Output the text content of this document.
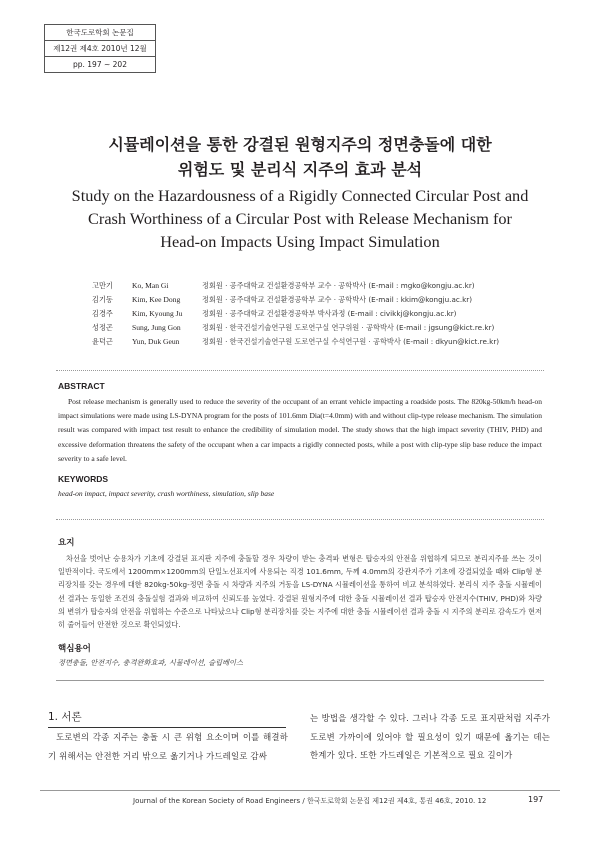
한국도로학회 논문집
제12권 제4호 2010년 12월
pp. 197 ~ 202
시뮬레이션을 통한 강결된 원형지주의 정면충돌에 대한
위험도 및 분리식 지주의 효과 분석
Study on the Hazardousness of a Rigidly Connected Circular Post and
Crash Worthiness of a Circular Post with Release Mechanism for
Head-on Impacts Using Impact Simulation
고만기	Ko, Man Gi	정회원 · 공주대학교 건설환경공학부 교수 · 공학박사 (E-mail : mgko@kongju.ac.kr)
김기동	Kim, Kee Dong	정회원 · 공주대학교 건설환경공학부 교수 · 공학박사 (E-mail : kkim@kongju.ac.kr)
김경주	Kim, Kyoung Ju	정회원 · 공주대학교 건설환경공학부 박사과정 (E-mail : civikkj@kongju.ac.kr)
성정곤	Sung, Jung Gon	정회원 · 한국건설기술연구원 도로연구실 연구위원 · 공학박사 (E-mail : jgsung@kict.re.kr)
윤덕근	Yun, Duk Geun	정회원 · 한국건설기술연구원 도로연구실 수석연구원 · 공학박사 (E-mail : dkyun@kict.re.kr)
ABSTRACT
Post release mechanism is generally used to reduce the severity of the occupant of an errant vehicle impacting a roadside posts. The 820kg-50km/h head-on impact simulations were made using LS-DYNA program for the posts of 101.6mm Dia(t=4.0mm) with and without clip-type release mechanism. The simulation result was compared with impact test result to enhance the credibility of simulation model. The study shows that the high impact severity (THIV, PHD) and excessive deformation threatens the safety of the occupant when a car impacts a rigidly connected posts, while a post with clip-type slip base reduce the impact severity to a safe level.
KEYWORDS
head-on impact, impact severity, crash worthiness, simulation, slip base
요지
차선을 벗어난 승용차가 기초에 강결된 표지판 지주에 충돌할 경우 차량이 받는 충격파 변형은 탑승자의 안전을 위협하게 되므로 분리지주를 쓰는 것이 일반적이다. 국도에서 1200mm×1200mm의 단일노선표지에 사용되는 직경 101.6mm, 두께 4.0mm의 강관지주가 기초에 강결되었을 때와 Clip형 분리장치를 갖는 경우에 대한 820kg-50kg-정면 충돌 시 차량과 지주의 거동을 LS-DYNA 시뮬레이션을 통하여 비교 분석하였다. 분리식 지주 충돌 시뮬레이션 결과는 동일한 조건의 충돌실험 결과와 비교하여 신뢰도를 높였다. 강결된 원형지주에 대한 충돌 시뮬레이션 결과 탑승자 안전지수(THIV, PHD)와 차량의 변위가 탑승자의 안전을 위협하는 수준으로 나타났으나 Clip형 분리장치를 갖는 지주에 대한 충돌 시뮬레이션 결과 충돌 시 지주의 분리로 감속도가 현저히 줄어들어 안전한 것으로 확인되었다.
핵심용어
정면충돌, 안전지수, 충격완화효과, 시뮬레이션, 슬립베이스
1. 서론
도로변의 각종 지주는 충돌 시 큰 위험 요소이며 이를 해결하기 위해서는 안전한 거리 밖으로 옮기거나 가드레일로 감싸
는 방법을 생각할 수 있다. 그러나 각종 도로 표지판처럼 지주가 도로변 가까이에 있어야 할 필요성이 있기 때문에 옮기는 데는 한계가 있다. 또한 가드레일은 기본적으로 필요 길이가
Journal of the Korean Society of Road Engineers / 한국도로학회 논문집 제12권 제4호, 통권 46호, 2010. 12	197
